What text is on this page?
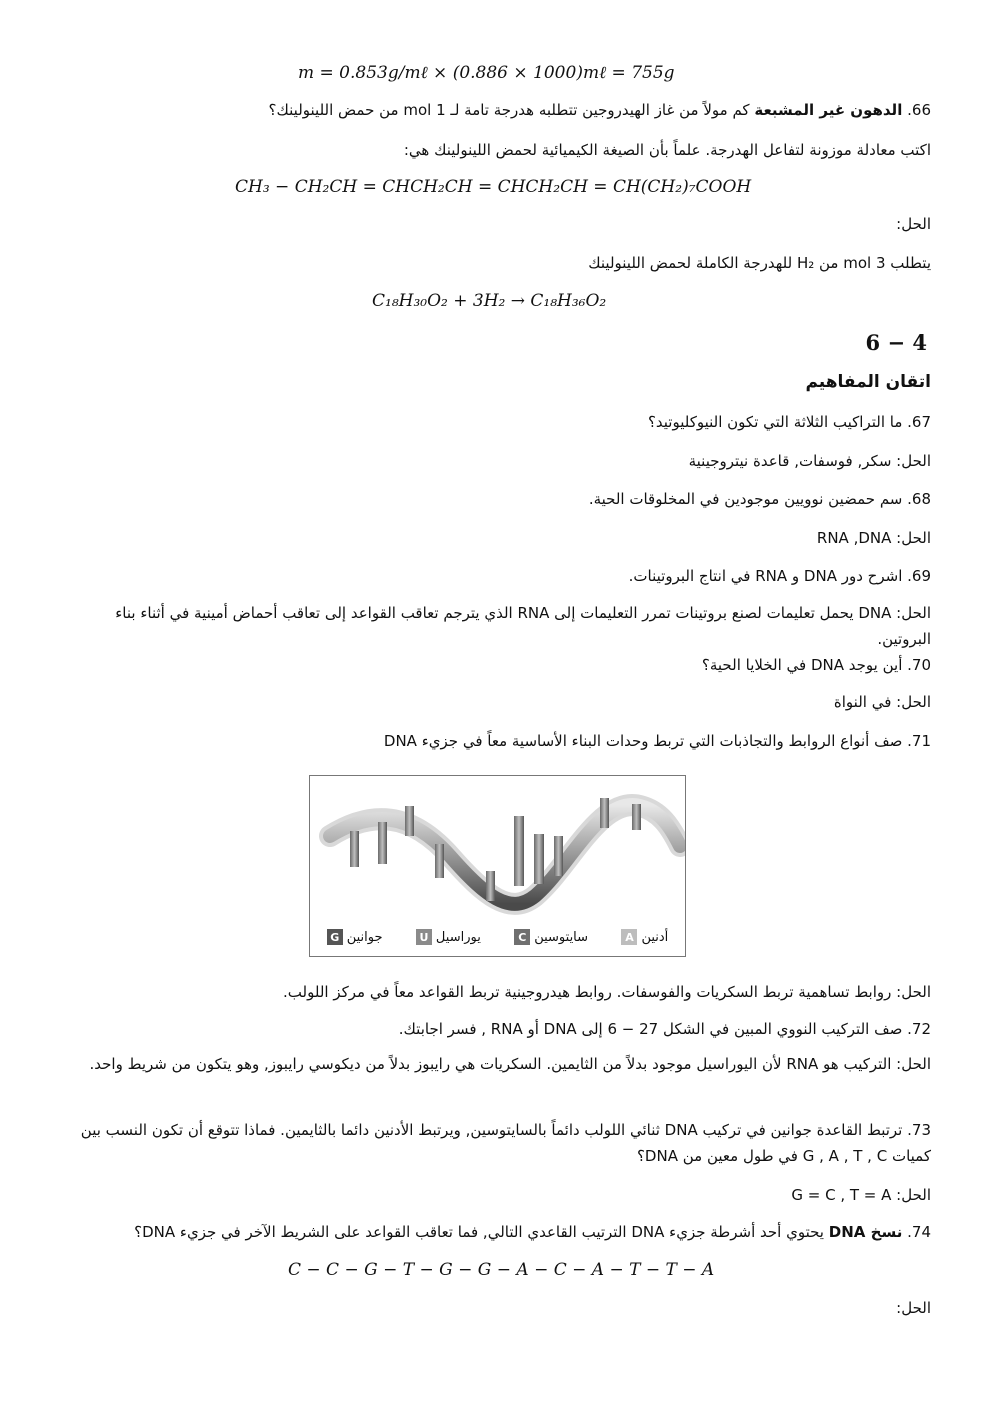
m = 0.853g/mℓ × (0.886 × 1000)mℓ = 755g
66. الدهون غير المشبعة كم مولاً من غاز الهيدروجين تتطلبه هدرجة تامة لـ 1 mol من حمض اللينولينك؟
اكتب معادلة موزونة لتفاعل الهدرجة. علماً بأن الصيغة الكيميائية لحمض اللينولينك هي:
CH₃ − CH₂CH = CHCH₂CH = CHCH₂CH = CH(CH₂)₇COOH
الحل:
يتطلب 3 mol من H₂ للهدرجة الكاملة لحمض اللينولينك
C₁₈H₃₀O₂ + 3H₂ → C₁₈H₃₆O₂
6 − 4
اتقان المفاهيم
67. ما التراكيب الثلاثة التي تكون النيوكليوتيد؟
الحل: سكر, فوسفات, قاعدة نيتروجينية
68. سم حمضين نوويين موجودين في المخلوقات الحية.
الحل: RNA ,DNA
69. اشرح دور DNA و RNA في انتاج البروتينات.
الحل: DNA يحمل تعليمات لصنع بروتينات تمرر التعليمات إلى RNA الذي يترجم تعاقب القواعد إلى تعاقب أحماض أمينية في أثناء بناء البروتين.
70. أين يوجد DNA في الخلايا الحية؟
الحل: في النواة
71. صف أنواع الروابط والتجاذبات التي تربط وحدات البناء الأساسية معاً في جزيء DNA
G جوانين	U يوراسيل	C سايتوسين	A أدنين
الحل: روابط تساهمية تربط السكريات والفوسفات. روابط هيدروجينية تربط القواعد معاً في مركز اللولب.
72. صف التركيب النووي المبين في الشكل 27 − 6 إلى DNA أو RNA , فسر اجابتك.
الحل: التركيب هو RNA لأن اليوراسيل موجود بدلاً من الثايمين. السكريات هي رايبوز بدلاً من ديكوسي رايبوز, وهو يتكون من شريط واحد.
73. ترتبط القاعدة جوانين في تركيب DNA ثنائي اللولب دائماً بالسايتوسين, ويرتبط الأدنين دائما بالثايمين. فماذا تتوقع أن تكون النسب بين كميات G , A , T , C في طول معين من DNA؟
الحل: G = C , T = A
74. نسخ DNA يحتوي أحد أشرطة جزيء DNA الترتيب القاعدي التالي, فما تعاقب القواعد على الشريط الآخر في جزيء DNA؟
C − C − G − T − G − G − A − C − A − T − T − A
الحل:
